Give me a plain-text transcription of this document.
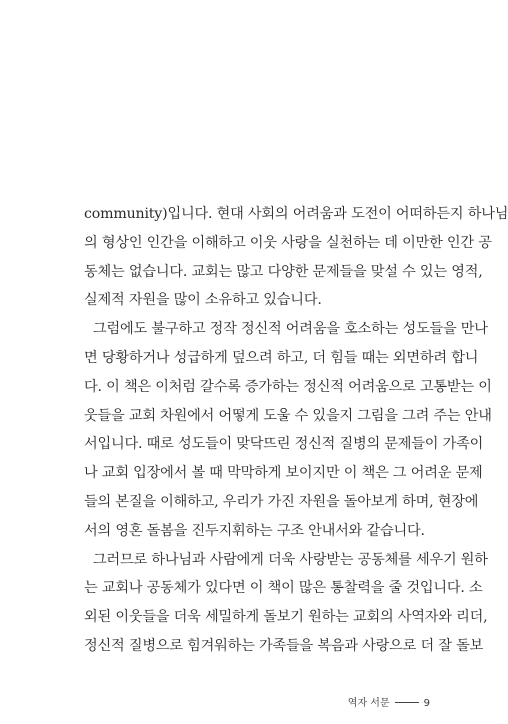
community)입니다. 현대 사회의 어려움과 도전이 어떠하든지 하나님
의 형상인 인간을 이해하고 이웃 사랑을 실천하는 데 이만한 인간 공
동체는 없습니다. 교회는 많고 다양한 문제들을 맞설 수 있는 영적,
실제적 자원을 많이 소유하고 있습니다.
그럼에도 불구하고 정작 정신적 어려움을 호소하는 성도들을 만나
면 당황하거나 성급하게 덮으려 하고, 더 힘들 때는 외면하려 합니
다. 이 책은 이처럼 갈수록 증가하는 정신적 어려움으로 고통받는 이
웃들을 교회 차원에서 어떻게 도울 수 있을지 그림을 그려 주는 안내
서입니다. 때로 성도들이 맞닥뜨린 정신적 질병의 문제들이 가족이
나 교회 입장에서 볼 때 막막하게 보이지만 이 책은 그 어려운 문제
들의 본질을 이해하고, 우리가 가진 자원을 돌아보게 하며, 현장에
서의 영혼 돌봄을 진두지휘하는 구조 안내서와 같습니다.
그러므로 하나님과 사람에게 더욱 사랑받는 공동체를 세우기 원하
는 교회나 공동체가 있다면 이 책이 많은 통찰력을 줄 것입니다. 소
외된 이웃들을 더욱 세밀하게 돌보기 원하는 교회의 사역자와 리더,
정신적 질병으로 힘겨워하는 가족들을 복음과 사랑으로 더 잘 돌보
역자 서문	9
